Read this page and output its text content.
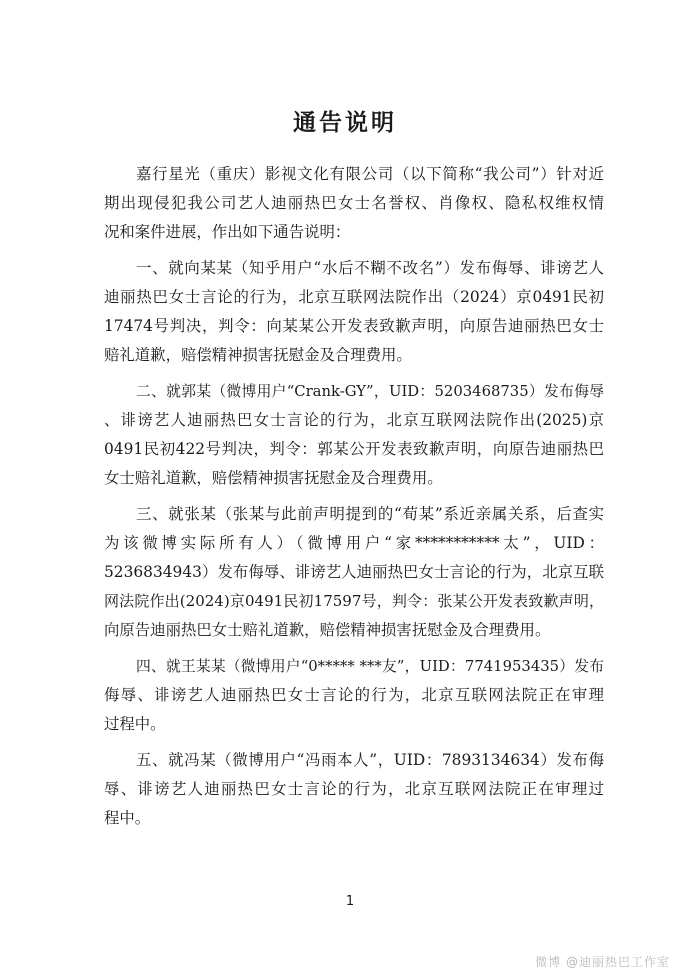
通告说明
嘉行星光（重庆）影视文化有限公司（以下简称“我公司”）针对近
期出现侵犯我公司艺人迪丽热巴女士名誉权、肖像权、隐私权维权情
况和案件进展，作出如下通告说明：
一、就向某某（知乎用户“水后不糊不改名”）发布侮辱、诽谤艺人
迪丽热巴女士言论的行为，北京互联网法院作出（2024）京0491民初
17474号判决，判令：向某某公开发表致歉声明，向原告迪丽热巴女士
赔礼道歉，赔偿精神损害抚慰金及合理费用。
二、就郭某（微博用户“Crank-GY”，UID：5203468735）发布侮辱
、诽谤艺人迪丽热巴女士言论的行为，北京互联网法院作出(2025)京
0491民初422号判决，判令：郭某公开发表致歉声明，向原告迪丽热巴
女士赔礼道歉，赔偿精神损害抚慰金及合理费用。
三、就张某（张某与此前声明提到的“荀某”系近亲属关系，后查实
为该微博实际所有人）（微博用户“家***********太”，UID：
5236834943）发布侮辱、诽谤艺人迪丽热巴女士言论的行为，北京互联
网法院作出(2024)京0491民初17597号，判令：张某公开发表致歉声明，
向原告迪丽热巴女士赔礼道歉，赔偿精神损害抚慰金及合理费用。
四、就王某某（微博用户“0***** ***友”，UID：7741953435）发布
侮辱、诽谤艺人迪丽热巴女士言论的行为，北京互联网法院正在审理
过程中。
五、就冯某（微博用户“冯雨本人”，UID：7893134634）发布侮
辱、诽谤艺人迪丽热巴女士言论的行为，北京互联网法院正在审理过
程中。
1
微博 @迪丽热巴工作室
